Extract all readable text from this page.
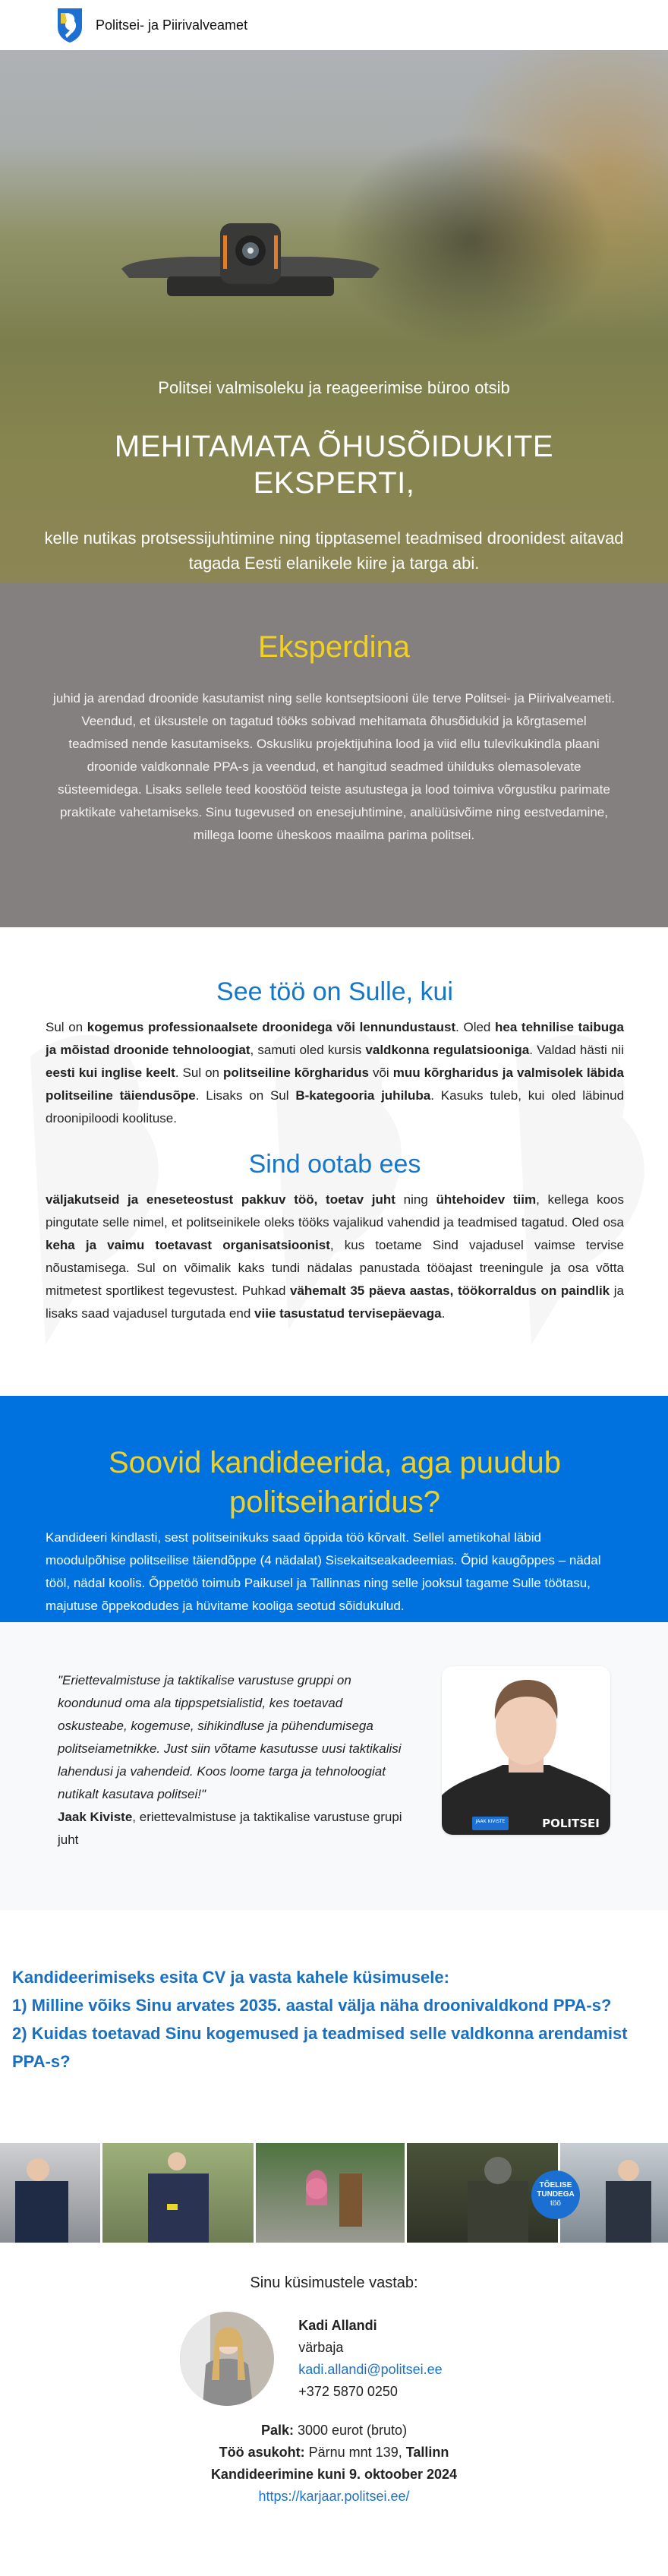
Politsei- ja Piirivalveamet
Politsei valmisoleku ja reageerimise büroo otsib
MEHITAMATA ÕHUSÕIDUKITE
EKSPERTI,
kelle nutikas protsessijuhtimine ning tipptasemel teadmised droonidest aitavad tagada Eesti elanikele kiire ja targa abi.
Eksperdina

juhid ja arendad droonide kasutamist ning selle kontseptsiooni üle terve Politsei- ja Piirivalveameti. Veendud, et üksustele on tagatud tööks sobivad mehitamata õhusõidukid ja kõrgtasemel teadmised nende kasutamiseks. Oskusliku projektijuhina lood ja viid ellu tulevikukindla plaani droonide valdkonnale PPA-s ja veendud, et hangitud seadmed ühilduks olemasolevate süsteemidega. Lisaks sellele teed koostööd teiste asutustega ja lood toimiva võrgustiku parimate praktikate vahetamiseks. Sinu tugevused on enesejuhtimine, analüüsivõime ning eestvedamine, millega loome üheskoos maailma parima politsei.

See töö on Sulle, kui

Sul on kogemus professionaalsete droonidega või lennundustaust. Oled hea tehnilise taibuga ja mõistad droonide tehnoloogiat, samuti oled kursis valdkonna regulatsiooniga. Valdad hästi nii eesti kui inglise keelt. Sul on politseiline kõrgharidus või muu kõrgharidus ja valmisolek läbida politseiline täiendusõpe. Lisaks on Sul B-kategooria juhiluba. Kasuks tuleb, kui oled läbinud droonipiloodi koolituse.

Sind ootab ees

väljakutseid ja eneseteostust pakkuv töö, toetav juht ning ühtehoidev tiim, kellega koos pingutate selle nimel, et politseinikele oleks tööks vajalikud vahendid ja teadmised tagatud. Oled osa keha ja vaimu toetavast organisatsioonist, kus toetame Sind vajadusel vaimse tervise nõustamisega. Sul on võimalik kaks tundi nädalas panustada tööajast treeningule ja osa võtta mitmetest sportlikest tegevustest. Puhkad vähemalt 35 päeva aastas, töökorraldus on paindlik ja lisaks saad vajadusel turgutada end viie tasustatud tervisepäevaga.

Soovid kandideerida, aga puudub politseiharidus?

Kandideeri kindlasti, sest politseinikuks saad õppida töö kõrvalt. Sellel ametikohal läbid moodulpõhise politseilise täiendõppe (4 nädalat) Sisekaitseakadeemias. Õpid kaugõppes – nädal tööl, nädal koolis. Õppetöö toimub Paikusel ja Tallinnas ning selle jooksul tagame Sulle töötasu, majutuse õppekodudes ja hüvitame kooliga seotud sõidukulud.

"Eriettevalmistuse ja taktikalise varustuse gruppi on koondunud oma ala tippspetsialistid, kes toetavad oskusteabe, kogemuse, sihikindluse ja pühendumisega politseiametnikke. Just siin võtame kasutusse uusi taktikalisi lahendusi ja vahendeid. Koos loome targa ja tehnoloogiat nutikalt kasutava politsei!"
Jaak Kiviste, eriettevalmistuse ja taktikalise varustuse grupi juht
JAAK KIVISTE	POLITSEI

Kandideerimiseks esita CV ja vasta kahele küsimusele:

1) Milline võiks Sinu arvates 2035. aastal välja näha droonivaldkond PPA-s?

2) Kuidas toetavad Sinu kogemused ja teadmised selle valdkonna arendamist PPA-s?

TÕELISE
TUNDEGA
töö
Sinu küsimustele vastab:
Kadi Allandi
värbaja
kadi.allandi@politsei.ee
+372 5870 0250
Palk: 3000 eurot (bruto)
Töö asukoht: Pärnu mnt 139, Tallinn
Kandideerimine kuni 9. oktoober 2024
https://karjaar.politsei.ee/
